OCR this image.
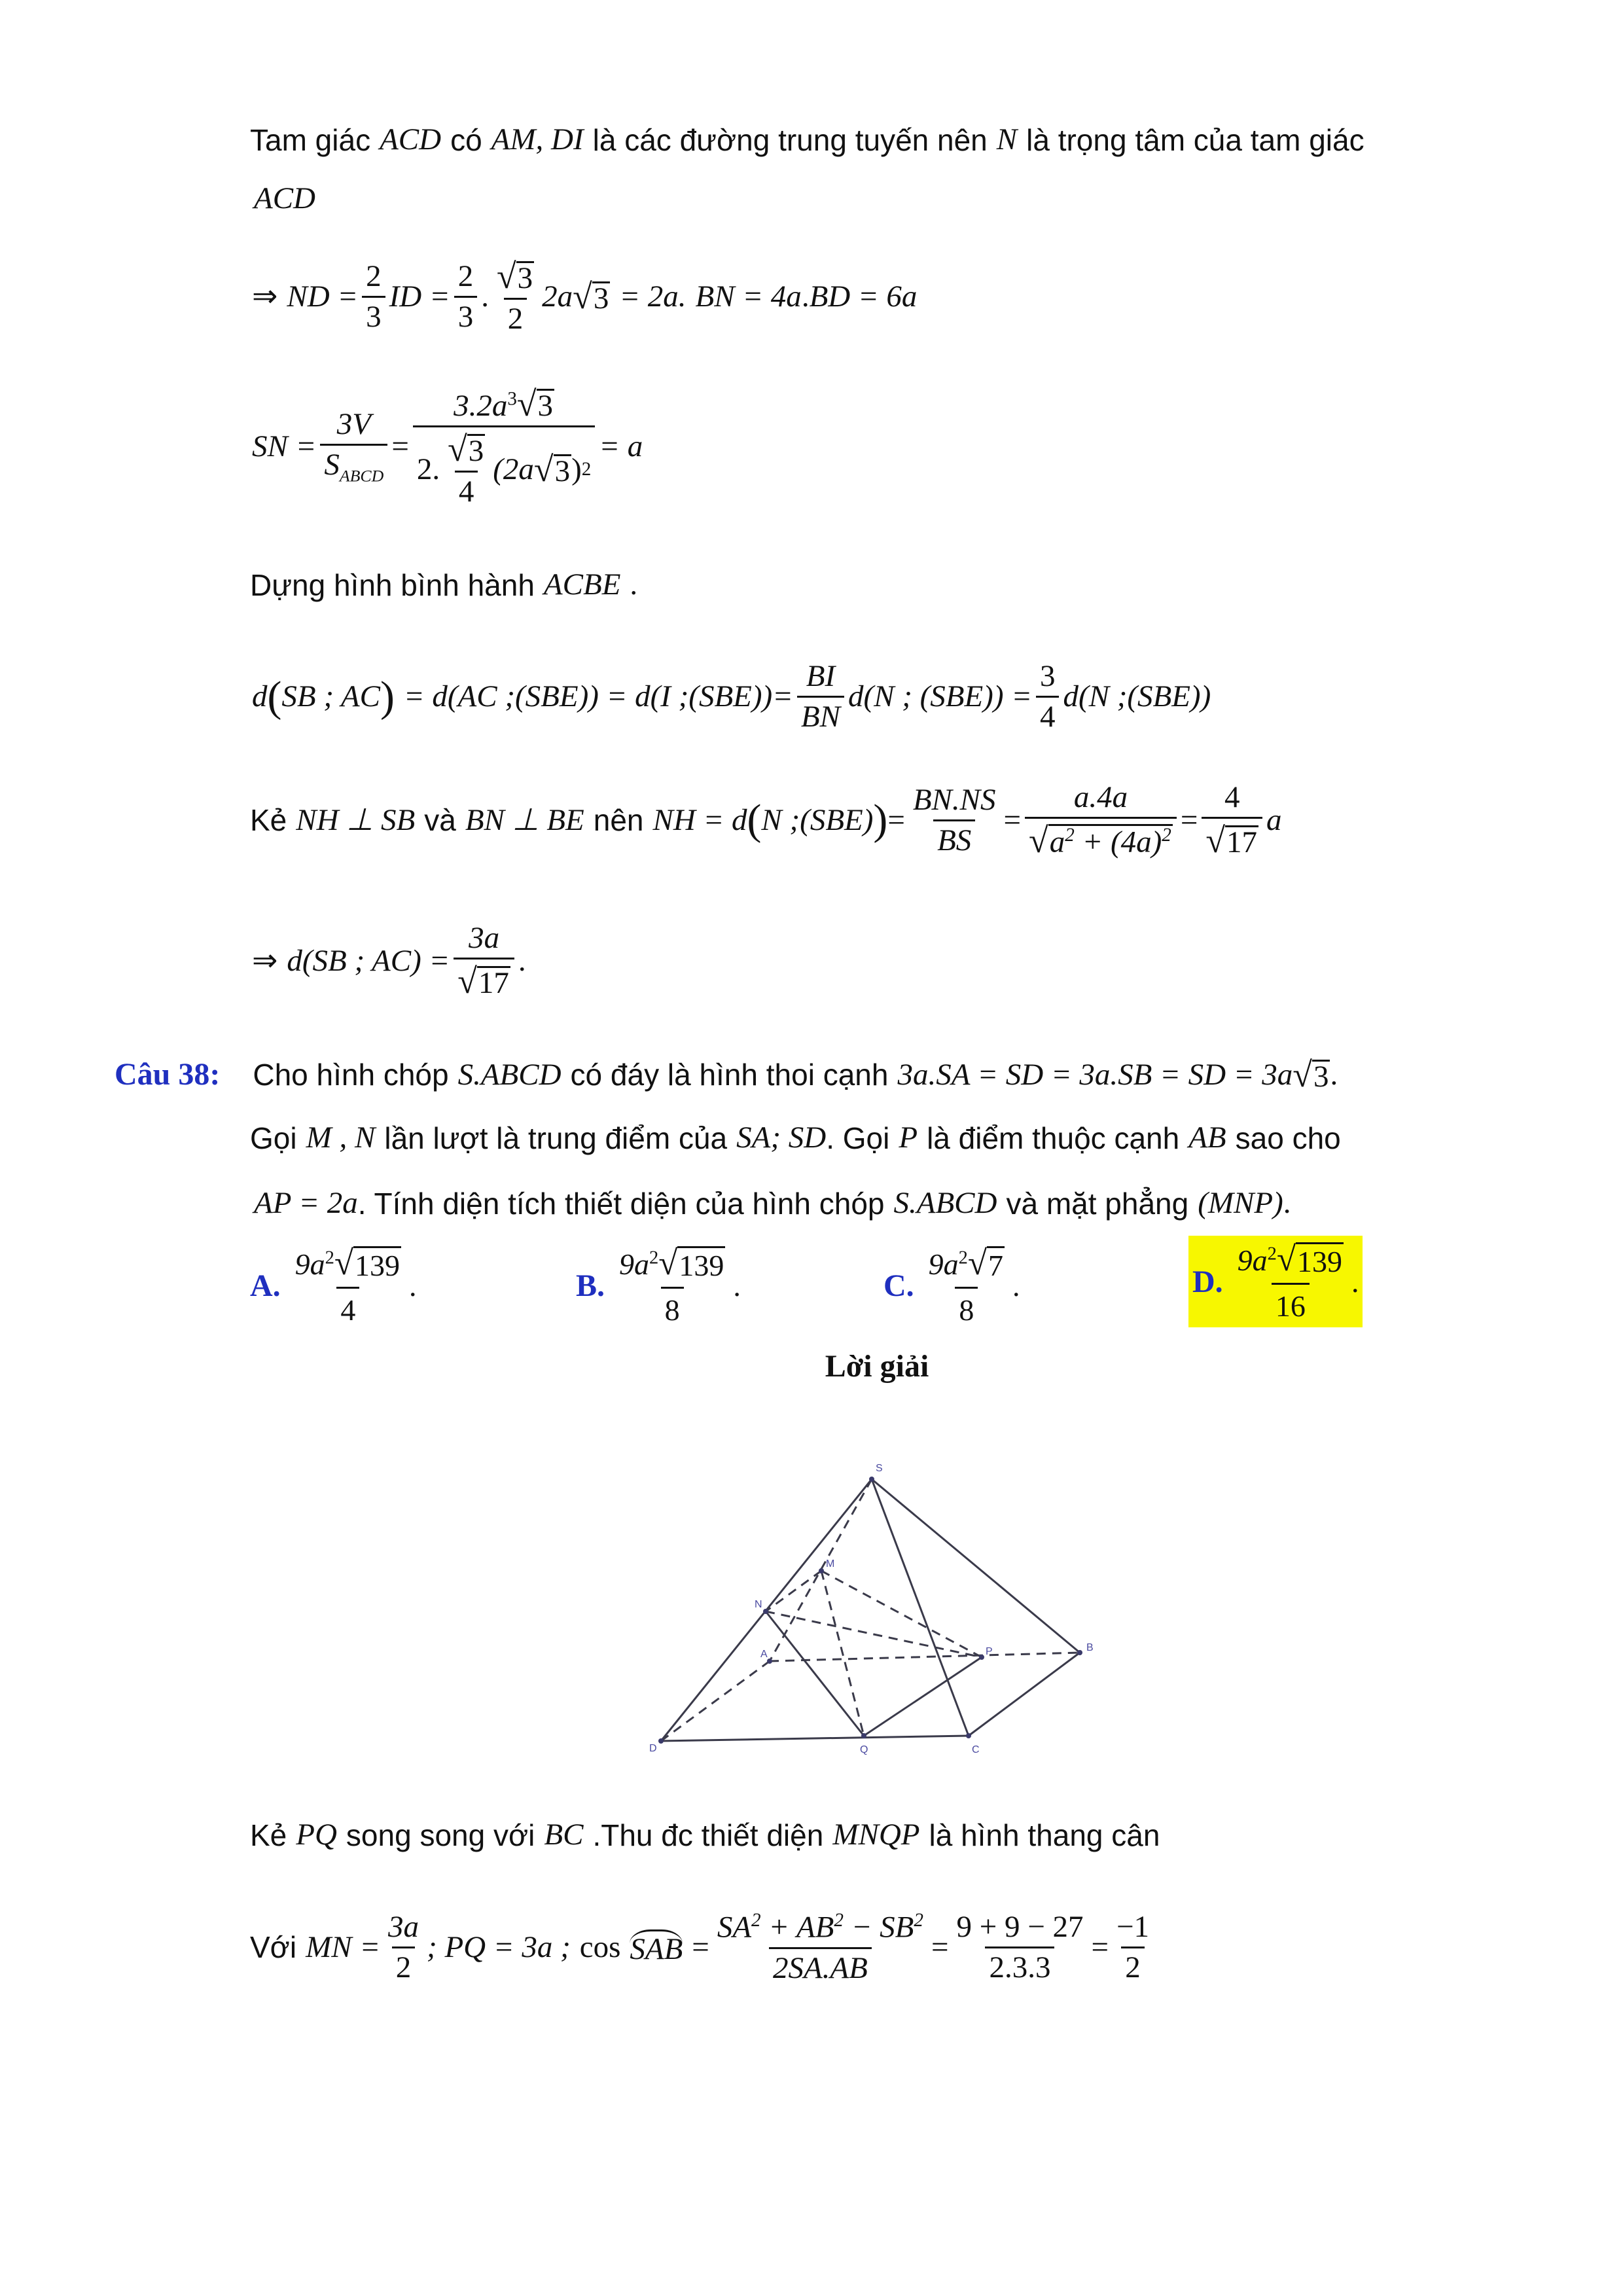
Tam giác ACD có AM, DI là các đường trung tuyến nên N là trọng tâm của tam giác
ACD
⇒ ND = $\frac{2}{3}$ ID = $\frac{2}{3}$ . $\frac{√ 3}{2} 2a$ √ 3 = 2a. BN = 4a . BD = 6a
SN = $\frac{3V}{S_{ABCD}} = \frac{3.2a^3 √ 3}{2. \frac{√ 3}{4} (2a √ 3 ) 2} = a$
Dựng hình bình hành ACBE .
d ( SB ; AC ) = d(AC ;(SBE)) = d(I ;(SBE))= $\frac{BI}{BN} d(N$ ; $(SBE)) = \frac{3}{4} d(N$ ;(SBE))
Kẻ NH ⊥ SB và BN ⊥ BE nên NH = d ( N ;(SBE) ) = $\frac{BN.NS}{BS} = \frac{a.4a}{√ a^2 + (4a)^2} = \frac{4}{√ 17}$ a
⇒ d(SB ; $AC) = \frac{3a}{√ 17}$ .
Câu 38: Cho hình chóp S.ABCD có đáy là hình thoi cạnh 3a.SA = SD = 3a.SB = SD = 3a √ 3 .
Gọi M , N lần lượt là trung điểm của SA; SD . Gọi P là điểm thuộc cạnh AB sao cho
AP = 2a . Tính diện tích thiết diện của hình chóp S.ABCD và mặt phẳng (MNP) .
A. $\frac{9a^2 √ 139}{4}$ .	B. $\frac{9a^2 √ 139}{8}$ .	C. $\frac{9a^2 √ 7}{8}$ .	D. $\frac{9a^2 √ 139}{16}$ .
Lời giải
S
M
N
A	P	B
D	Q	C
Kẻ PQ song song với BC .Thu đc thiết diện MNQP là hình thang cân
Với MN = $\frac{3a}{2}$ ; PQ = 3a ; cos SAB = $\frac{SA^2 + AB^2 - SB^2}{2SA.AB} = \frac{9 + 9 - 27}{2.3.3} = \frac{-1}{2}$
